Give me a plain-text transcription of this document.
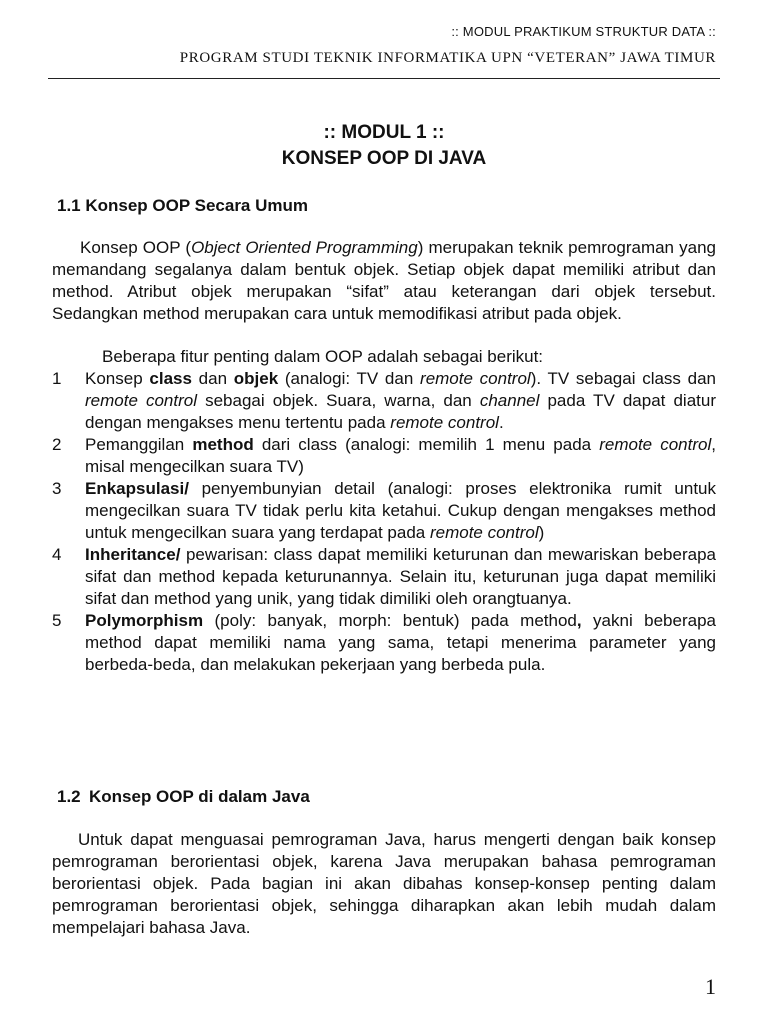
:: MODUL PRAKTIKUM STRUKTUR DATA ::
PROGRAM STUDI TEKNIK INFORMATIKA UPN “VETERAN” JAWA TIMUR
:: MODUL 1 ::
KONSEP OOP DI JAVA
1.1 Konsep OOP Secara Umum
Konsep OOP (Object Oriented Programming) merupakan teknik pemrograman yang memandang segalanya dalam bentuk objek. Setiap objek dapat memiliki atribut dan method. Atribut objek merupakan “sifat” atau keterangan dari objek tersebut. Sedangkan method merupakan cara untuk memodifikasi atribut pada objek.
Beberapa fitur penting dalam OOP adalah sebagai berikut:
1 Konsep class dan objek (analogi: TV dan remote control). TV sebagai class dan remote control sebagai objek. Suara, warna, dan channel pada TV dapat diatur dengan mengakses menu tertentu pada remote control.
2 Pemanggilan method dari class (analogi: memilih 1 menu pada remote control, misal mengecilkan suara TV)
3 Enkapsulasi/ penyembunyian detail (analogi: proses elektronika rumit untuk mengecilkan suara TV tidak perlu kita ketahui. Cukup dengan mengakses method untuk mengecilkan suara yang terdapat pada remote control)
4 Inheritance/ pewarisan: class dapat memiliki keturunan dan mewariskan beberapa sifat dan method kepada keturunannya. Selain itu, keturunan juga dapat memiliki sifat dan method yang unik, yang tidak dimiliki oleh orangtuanya.
5 Polymorphism (poly: banyak, morph: bentuk) pada method, yakni beberapa method dapat memiliki nama yang sama, tetapi menerima parameter yang berbeda-beda, dan melakukan pekerjaan yang berbeda pula.
1.2 Konsep OOP di dalam Java
Untuk dapat menguasai pemrograman Java, harus mengerti dengan baik konsep pemrograman berorientasi objek, karena Java merupakan bahasa pemrograman berorientasi objek. Pada bagian ini akan dibahas konsep-konsep penting dalam pemrograman berorientasi objek, sehingga diharapkan akan lebih mudah dalam mempelajari bahasa Java.
1
